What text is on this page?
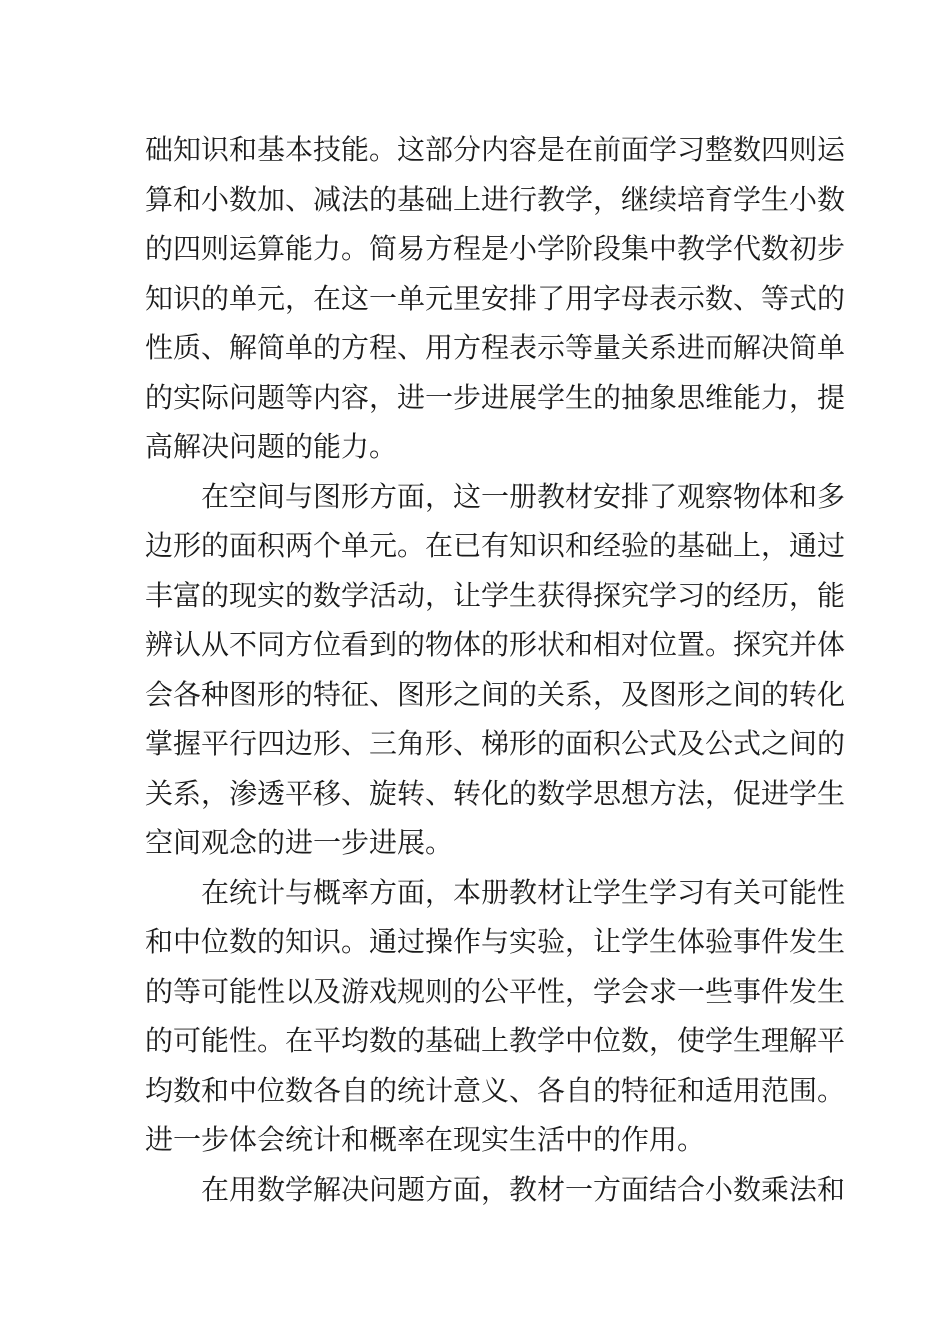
础知识和基本技能。这部分内容是在前面学习整数四则运
算和小数加、减法的基础上进行教学，继续培育学生小数
的四则运算能力。简易方程是小学阶段集中教学代数初步
知识的单元，在这一单元里安排了用字母表示数、等式的
性质、解简单的方程、用方程表示等量关系进而解决简单
的实际问题等内容，进一步进展学生的抽象思维能力，提
高解决问题的能力。
在空间与图形方面，这一册教材安排了观察物体和多
边形的面积两个单元。在已有知识和经验的基础上，通过
丰富的现实的数学活动，让学生获得探究学习的经历，能
辨认从不同方位看到的物体的形状和相对位置。探究并体
会各种图形的特征、图形之间的关系，及图形之间的转化
掌握平行四边形、三角形、梯形的面积公式及公式之间的
关系，渗透平移、旋转、转化的数学思想方法，促进学生
空间观念的进一步进展。
在统计与概率方面，本册教材让学生学习有关可能性
和中位数的知识。通过操作与实验，让学生体验事件发生
的等可能性以及游戏规则的公平性，学会求一些事件发生
的可能性。在平均数的基础上教学中位数，使学生理解平
均数和中位数各自的统计意义、各自的特征和适用范围。
进一步体会统计和概率在现实生活中的作用。
在用数学解决问题方面，教材一方面结合小数乘法和
